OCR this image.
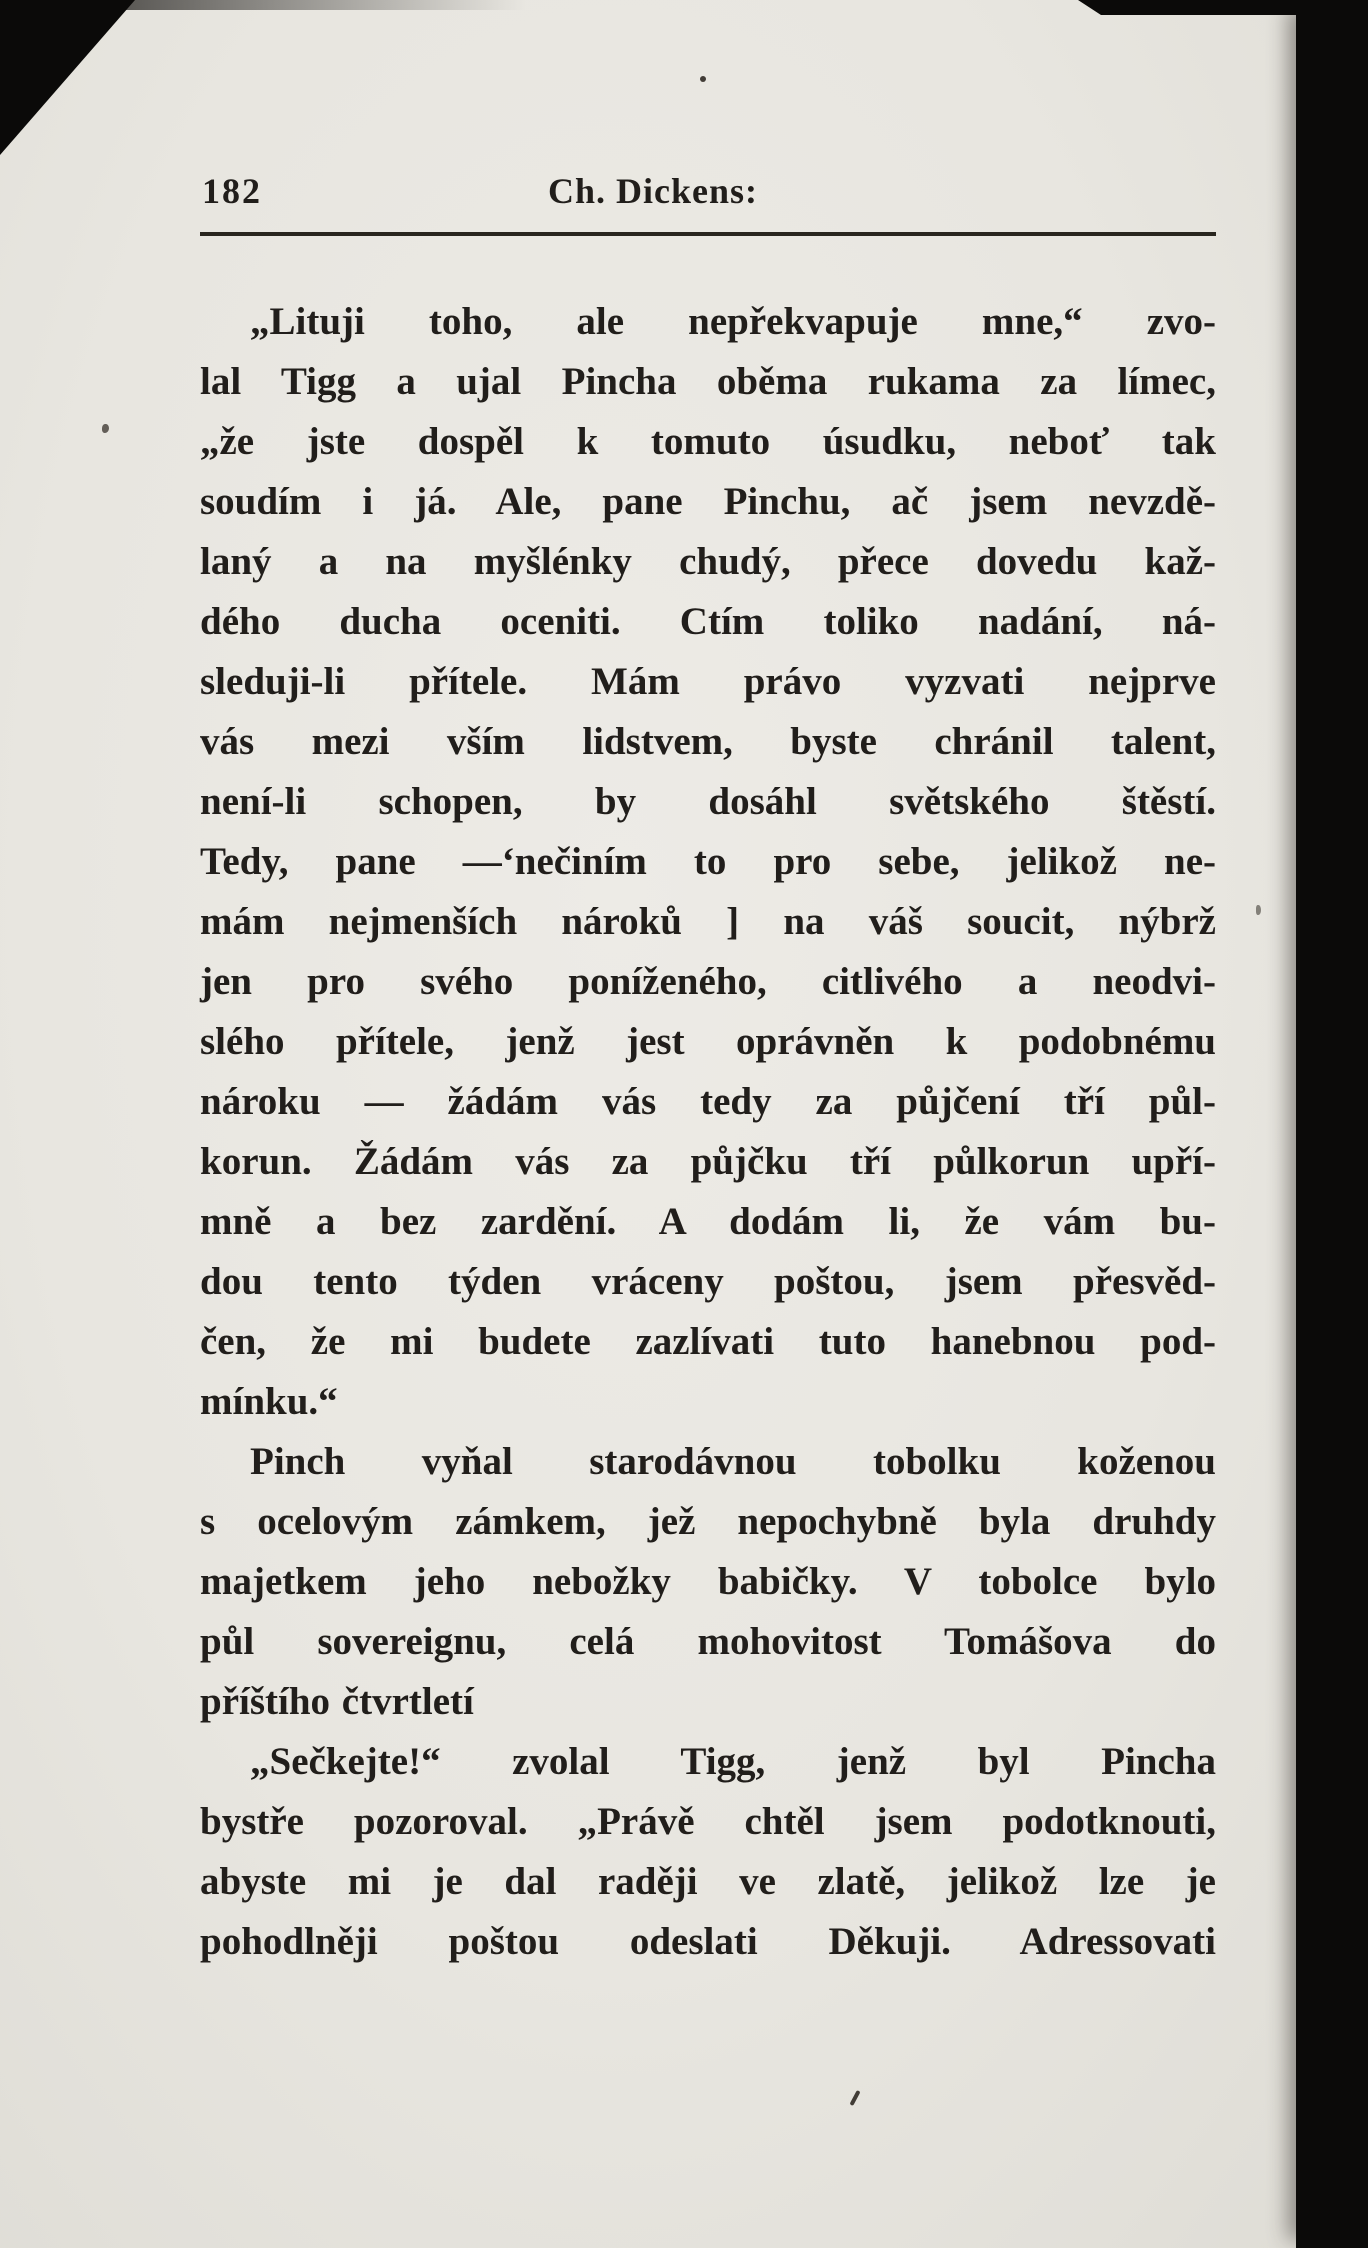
182	Ch. Dickens:
„Lituji toho, ale nepřekvapuje mne,“ zvo-
lal Tigg a ujal Pincha oběma rukama za límec,
„že jste dospěl k tomuto úsudku, neboť tak
soudím i já. Ale, pane Pinchu, ač jsem nevzdě-
laný a na myšlénky chudý, přece dovedu kaž-
dého ducha oceniti. Ctím toliko nadání, ná-
sleduji-li přítele. Mám právo vyzvati nejprve
vás mezi vším lidstvem, byste chránil talent,
není-li schopen, by dosáhl světského štěstí.
Tedy, pane —‘nečiním to pro sebe, jelikož ne-
mám nejmenších nároků ] na váš soucit, nýbrž
jen pro svého poníženého, citlivého a neodvi-
slého přítele, jenž jest oprávněn k podobnému
nároku — žádám vás tedy za půjčení tří půl-
korun. Žádám vás za půjčku tří půlkorun upří-
mně a bez zardění. A dodám li, že vám bu-
dou tento týden vráceny poštou, jsem přesvěd-
čen, že mi budete zazlívati tuto hanebnou pod-
mínku.“
Pinch vyňal starodávnou tobolku koženou
s ocelovým zámkem, jež nepochybně byla druhdy
majetkem jeho nebožky babičky. V tobolce bylo
půl sovereignu, celá mohovitost Tomášova do
příštího čtvrtletí
„Sečkejte!“ zvolal Tigg, jenž byl Pincha
bystře pozoroval. „Právě chtěl jsem podotknouti,
abyste mi je dal raději ve zlatě, jelikož lze je
pohodlněji poštou odeslati Děkuji. Adressovati
